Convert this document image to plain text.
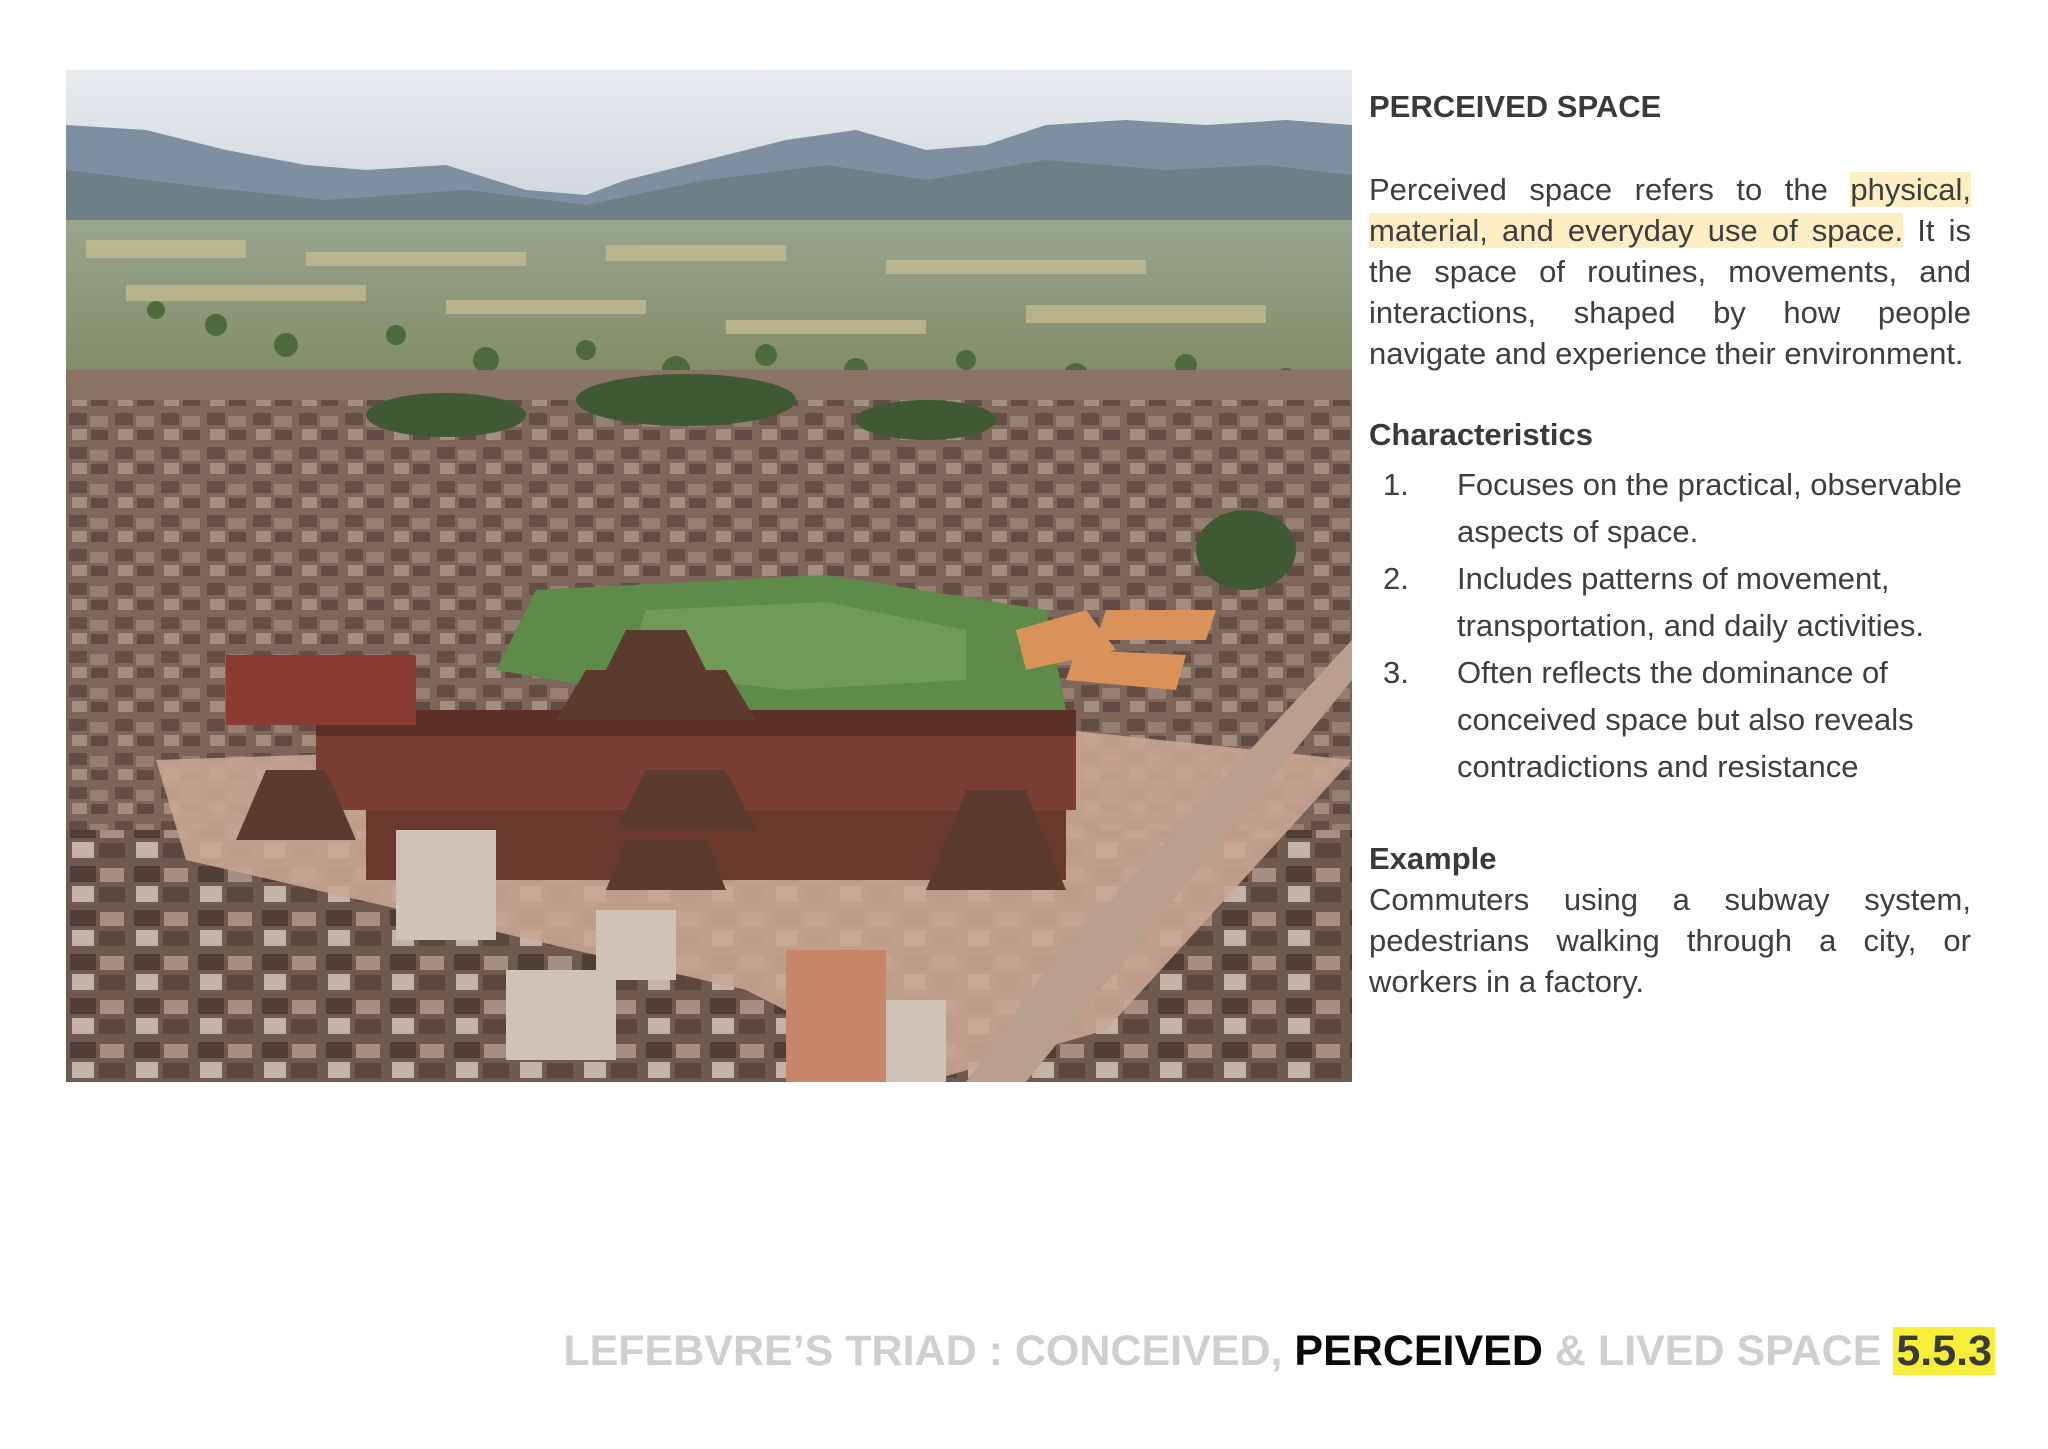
PERCEIVED SPACE

Perceived space refers to the physical, material, and everyday use of space. It is the space of routines, movements, and interactions, shaped by how people navigate and experience their environment.

Characteristics
1.	Focuses on the practical, observable aspects of space.
2.	Includes patterns of movement, transportation, and daily activities.
3.	Often reflects the dominance of conceived space but also reveals contradictions and resistance
Example

Commuters using a subway system, pedestrians walking through a city, or workers in a factory.

LEFEBVRE’S TRIAD : CONCEIVED, PERCEIVED & LIVED SPACE 5.5.3
